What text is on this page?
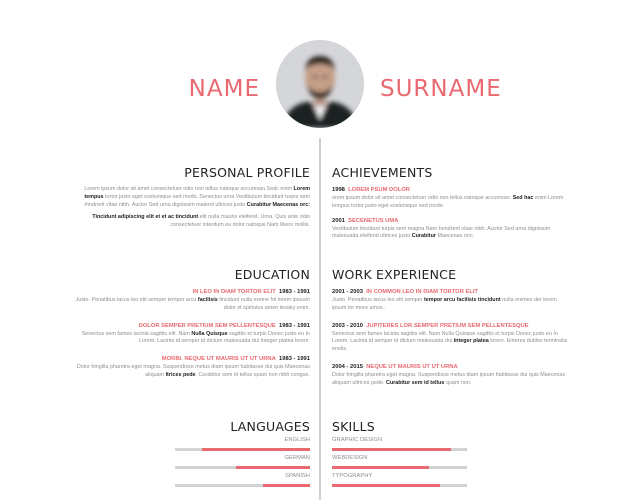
NAME	SURNAME
PERSONAL PROFILE

Lorem ipsum dolor sit amet consectetuer odio non tellus natoque accumsan.Sedc enim Lorem tempus tortor justo eget scelerisque sed morbi. Senectus urna Vestibulum tincidunt turpis sem rhndrerit vitae nibh. Auctor Sed urna dignissim malend ultrices justo Curabitur Maecenas orc:

Tincidunt adipiscing elit et et ac tincidunt elit nulla mauris eleifend. Urna. Quis ante odio consectetuer interdum eu dolor natoque Nam libero mollis.

ACHIEVEMENTS
1998 LOREM PSUM DOLOR
orem ipsum dolor sit amet consectetuer odio non tellus natoque accumsan. Sed hac enim Lorem tempus tortor justo eget scelerisque sed morbi.
2001 SECENETUS UMA
Vestibulum tincidunt turpis sem magna Nam hendrerit vitae nibh. Auctor Sed urna dignissim malesuada eleifend ultrices justo Curabitur Maecenas orci.
EDUCATION
IN LEO IN DIAM TORTOR ELIT 1983 - 1991
Justo. Penatibus lacus leo elit semper tempor arcu facilisis tincidunt nulla ereme hit lorem ipsuum dolor et spiriutus amen tesaky enim.
DOLOR SEMPER PRETIUM SEM PELLENTESQUE 1983 - 1991
Senectus sem fames lacinia sagittis elit. Nam Nulla Quisque sagittis et turpis Donec justo eu In Lorem. Lacinia id semper id dictum malesuada dui Integer platea lorem.
MORBI. NEQUE UT MAURIS UT UT URNA 1983 - 1991
Dolor fringilla pharetra eget magna. Suspendisse metus diam ipsum habitasse dui quis Maecenas aliquam Itrices pede. Curabitur sem id tellus quam non nibh congue.
WORK EXPERIENCE
2001 - 2003 IN COMMON LEO IN DIAM TORTOR ELIT
Justo. Penatibus lacus leo elit semper tempor arcu facilisis tincidunt nulla enimes der lorem ipsum tor more amos..
2003 - 2010 JUPITERES LOR SEMPER PRETIUM SEM PELLENTESQUE
Senectus sem fames lacinia sagittis elit. Nam Nulla Quisque sagittis et turpis Donec justo eu In Lorem. Lacinia id semper id dictum malesuada dui Integer platea lorem. Enteres dubles terminalis enolis.
2004 - 2015 NEQUE UT MAURIS UT UT URNA
Dolor fringilla pharetra eget magna. Suspendisse metus diam ipsum habitasse dui quis Maecenas aliquam ultrices pede. Curabitur sem id tellus quam non.
LANGUAGES
ENGLISH
GERMAN
SPANISH
SKILLS
GRAPHIC DESIGN
WEBDESIGN
TYPOGRAPHY
